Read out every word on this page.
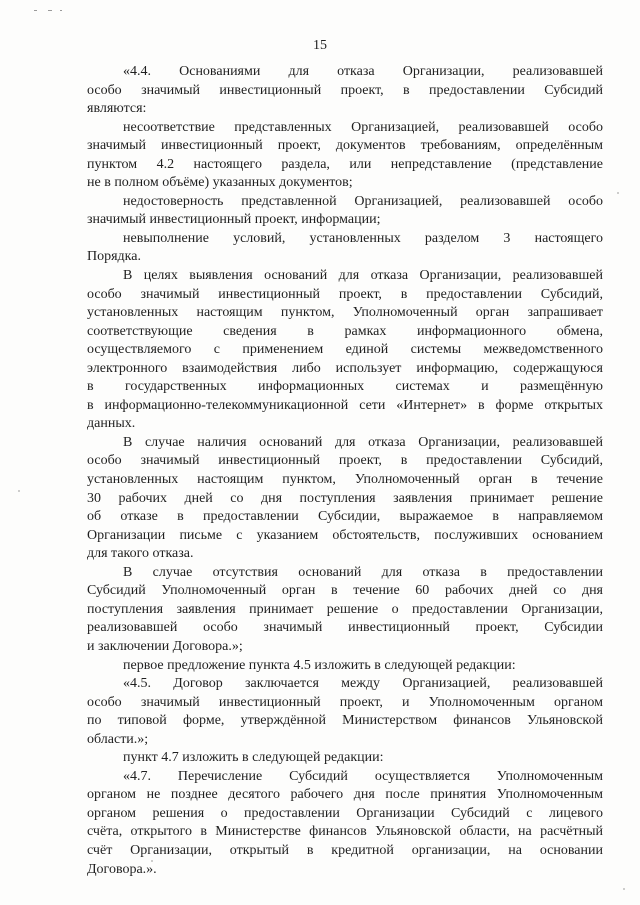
15
«4.4. Основаниями для отказа Организации, реализовавшей
особо значимый инвестиционный проект, в предоставлении Субсидий
являются:
несоответствие представленных Организацией, реализовавшей особо
значимый инвестиционный проект, документов требованиям, определённым
пунктом 4.2 настоящего раздела, или непредставление (представление
не в полном объёме) указанных документов;
недостоверность представленной Организацией, реализовавшей особо
значимый инвестиционный проект, информации;
невыполнение условий, установленных разделом 3 настоящего
Порядка.
В целях выявления оснований для отказа Организации, реализовавшей
особо значимый инвестиционный проект, в предоставлении Субсидий,
установленных настоящим пунктом, Уполномоченный орган запрашивает
соответствующие сведения в рамках информационного обмена,
осуществляемого с применением единой системы межведомственного
электронного взаимодействия либо использует информацию, содержащуюся
в государственных информационных системах и размещённую
в информационно-телекоммуникационной сети «Интернет» в форме открытых
данных.
В случае наличия оснований для отказа Организации, реализовавшей
особо значимый инвестиционный проект, в предоставлении Субсидий,
установленных настоящим пунктом, Уполномоченный орган в течение
30 рабочих дней со дня поступления заявления принимает решение
об отказе в предоставлении Субсидии, выражаемое в направляемом
Организации письме с указанием обстоятельств, послуживших основанием
для такого отказа.
В случае отсутствия оснований для отказа в предоставлении
Субсидий Уполномоченный орган в течение 60 рабочих дней со дня
поступления заявления принимает решение о предоставлении Организации,
реализовавшей особо значимый инвестиционный проект, Субсидии
и заключении Договора.»;
первое предложение пункта 4.5 изложить в следующей редакции:
«4.5. Договор заключается между Организацией, реализовавшей
особо значимый инвестиционный проект, и Уполномоченным органом
по типовой форме, утверждённой Министерством финансов Ульяновской
области.»;
пункт 4.7 изложить в следующей редакции:
«4.7. Перечисление Субсидий осуществляется Уполномоченным
органом не позднее десятого рабочего дня после принятия Уполномоченным
органом решения о предоставлении Организации Субсидий с лицевого
счёта, открытого в Министерстве финансов Ульяновской области, на расчётный
счёт Организации, открытый в кредитной организации, на основании
Договора.».
